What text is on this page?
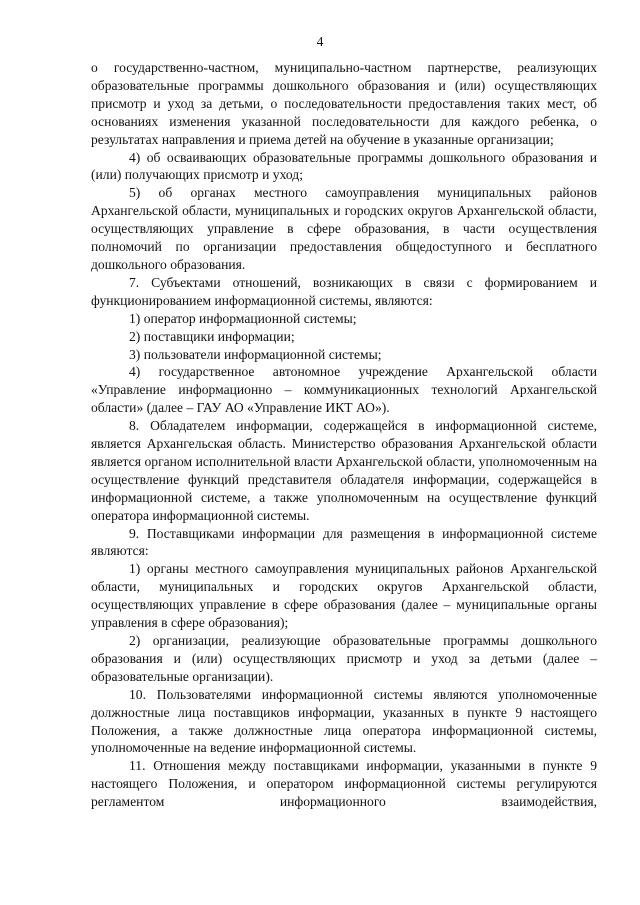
4

о государственно-частном, муниципально-частном партнерстве, реализующих образовательные программы дошкольного образования и (или) осуществляющих присмотр и уход за детьми, о последовательности предоставления таких мест, об основаниях изменения указанной последовательности для каждого ребенка, о результатах направления и приема детей на обучение в указанные организации;

4) об осваивающих образовательные программы дошкольного образования и (или) получающих присмотр и уход;

5) об органах местного самоуправления муниципальных районов Архангельской области, муниципальных и городских округов Архангельской области, осуществляющих управление в сфере образования, в части осуществления полномочий по организации предоставления общедоступного и бесплатного дошкольного образования.

7. Субъектами отношений, возникающих в связи с формированием и функционированием информационной системы, являются:

1) оператор информационной системы;

2) поставщики информации;

3) пользователи информационной системы;

4) государственное автономное учреждение Архангельской области «Управление информационно – коммуникационных технологий Архангельской области» (далее – ГАУ АО «Управление ИКТ АО»).

8. Обладателем информации, содержащейся в информационной системе, является Архангельская область. Министерство образования Архангельской области является органом исполнительной власти Архангельской области, уполномоченным на осуществление функций представителя обладателя информации, содержащейся в информационной системе, а также уполномоченным на осуществление функций оператора информационной системы.

9. Поставщиками информации для размещения в информационной системе являются:

1) органы местного самоуправления муниципальных районов Архангельской области, муниципальных и городских округов Архангельской области, осуществляющих управление в сфере образования (далее – муниципальные органы управления в сфере образования);

2) организации, реализующие образовательные программы дошкольного образования и (или) осуществляющих присмотр и уход за детьми (далее – образовательные организации).

10. Пользователями информационной системы являются уполномоченные должностные лица поставщиков информации, указанных в пункте 9 настоящего Положения, а также должностные лица оператора информационной системы, уполномоченные на ведение информационной системы.

11. Отношения между поставщиками информации, указанными в пункте 9 настоящего Положения, и оператором информационной системы регулируются регламентом информационного взаимодействия,
